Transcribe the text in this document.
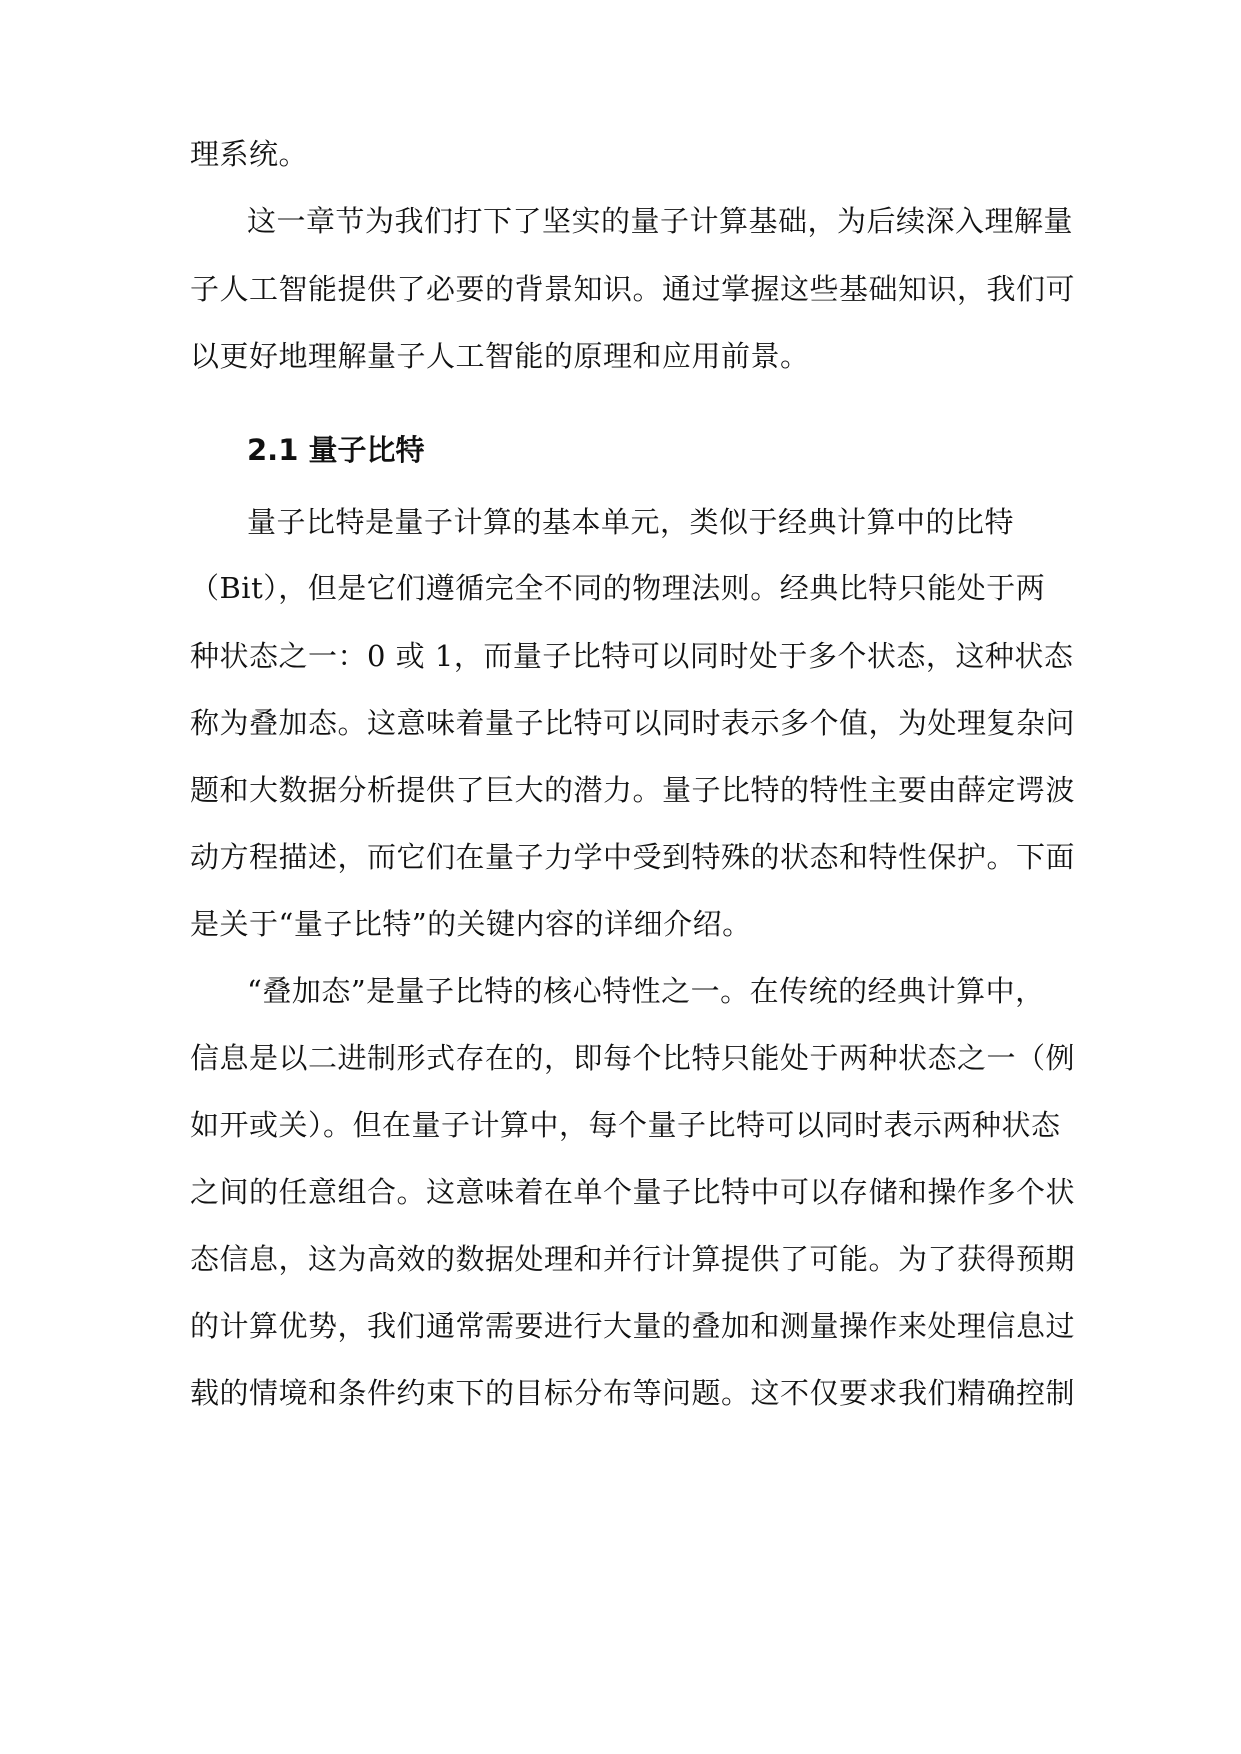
理系统。
这一章节为我们打下了坚实的量子计算基础，为后续深入理解量
子人工智能提供了必要的背景知识。通过掌握这些基础知识，我们可
以更好地理解量子人工智能的原理和应用前景。
2.1 量子比特
量子比特是量子计算的基本单元，类似于经典计算中的比特
（Bit），但是它们遵循完全不同的物理法则。经典比特只能处于两
种状态之一：0 或 1，而量子比特可以同时处于多个状态，这种状态
称为叠加态。这意味着量子比特可以同时表示多个值，为处理复杂问
题和大数据分析提供了巨大的潜力。量子比特的特性主要由薛定谔波
动方程描述，而它们在量子力学中受到特殊的状态和特性保护。下面
是关于“量子比特”的关键内容的详细介绍。
“叠加态”是量子比特的核心特性之一。在传统的经典计算中，
信息是以二进制形式存在的，即每个比特只能处于两种状态之一（例
如开或关）。但在量子计算中，每个量子比特可以同时表示两种状态
之间的任意组合。这意味着在单个量子比特中可以存储和操作多个状
态信息，这为高效的数据处理和并行计算提供了可能。为了获得预期
的计算优势，我们通常需要进行大量的叠加和测量操作来处理信息过
载的情境和条件约束下的目标分布等问题。这不仅要求我们精确控制
